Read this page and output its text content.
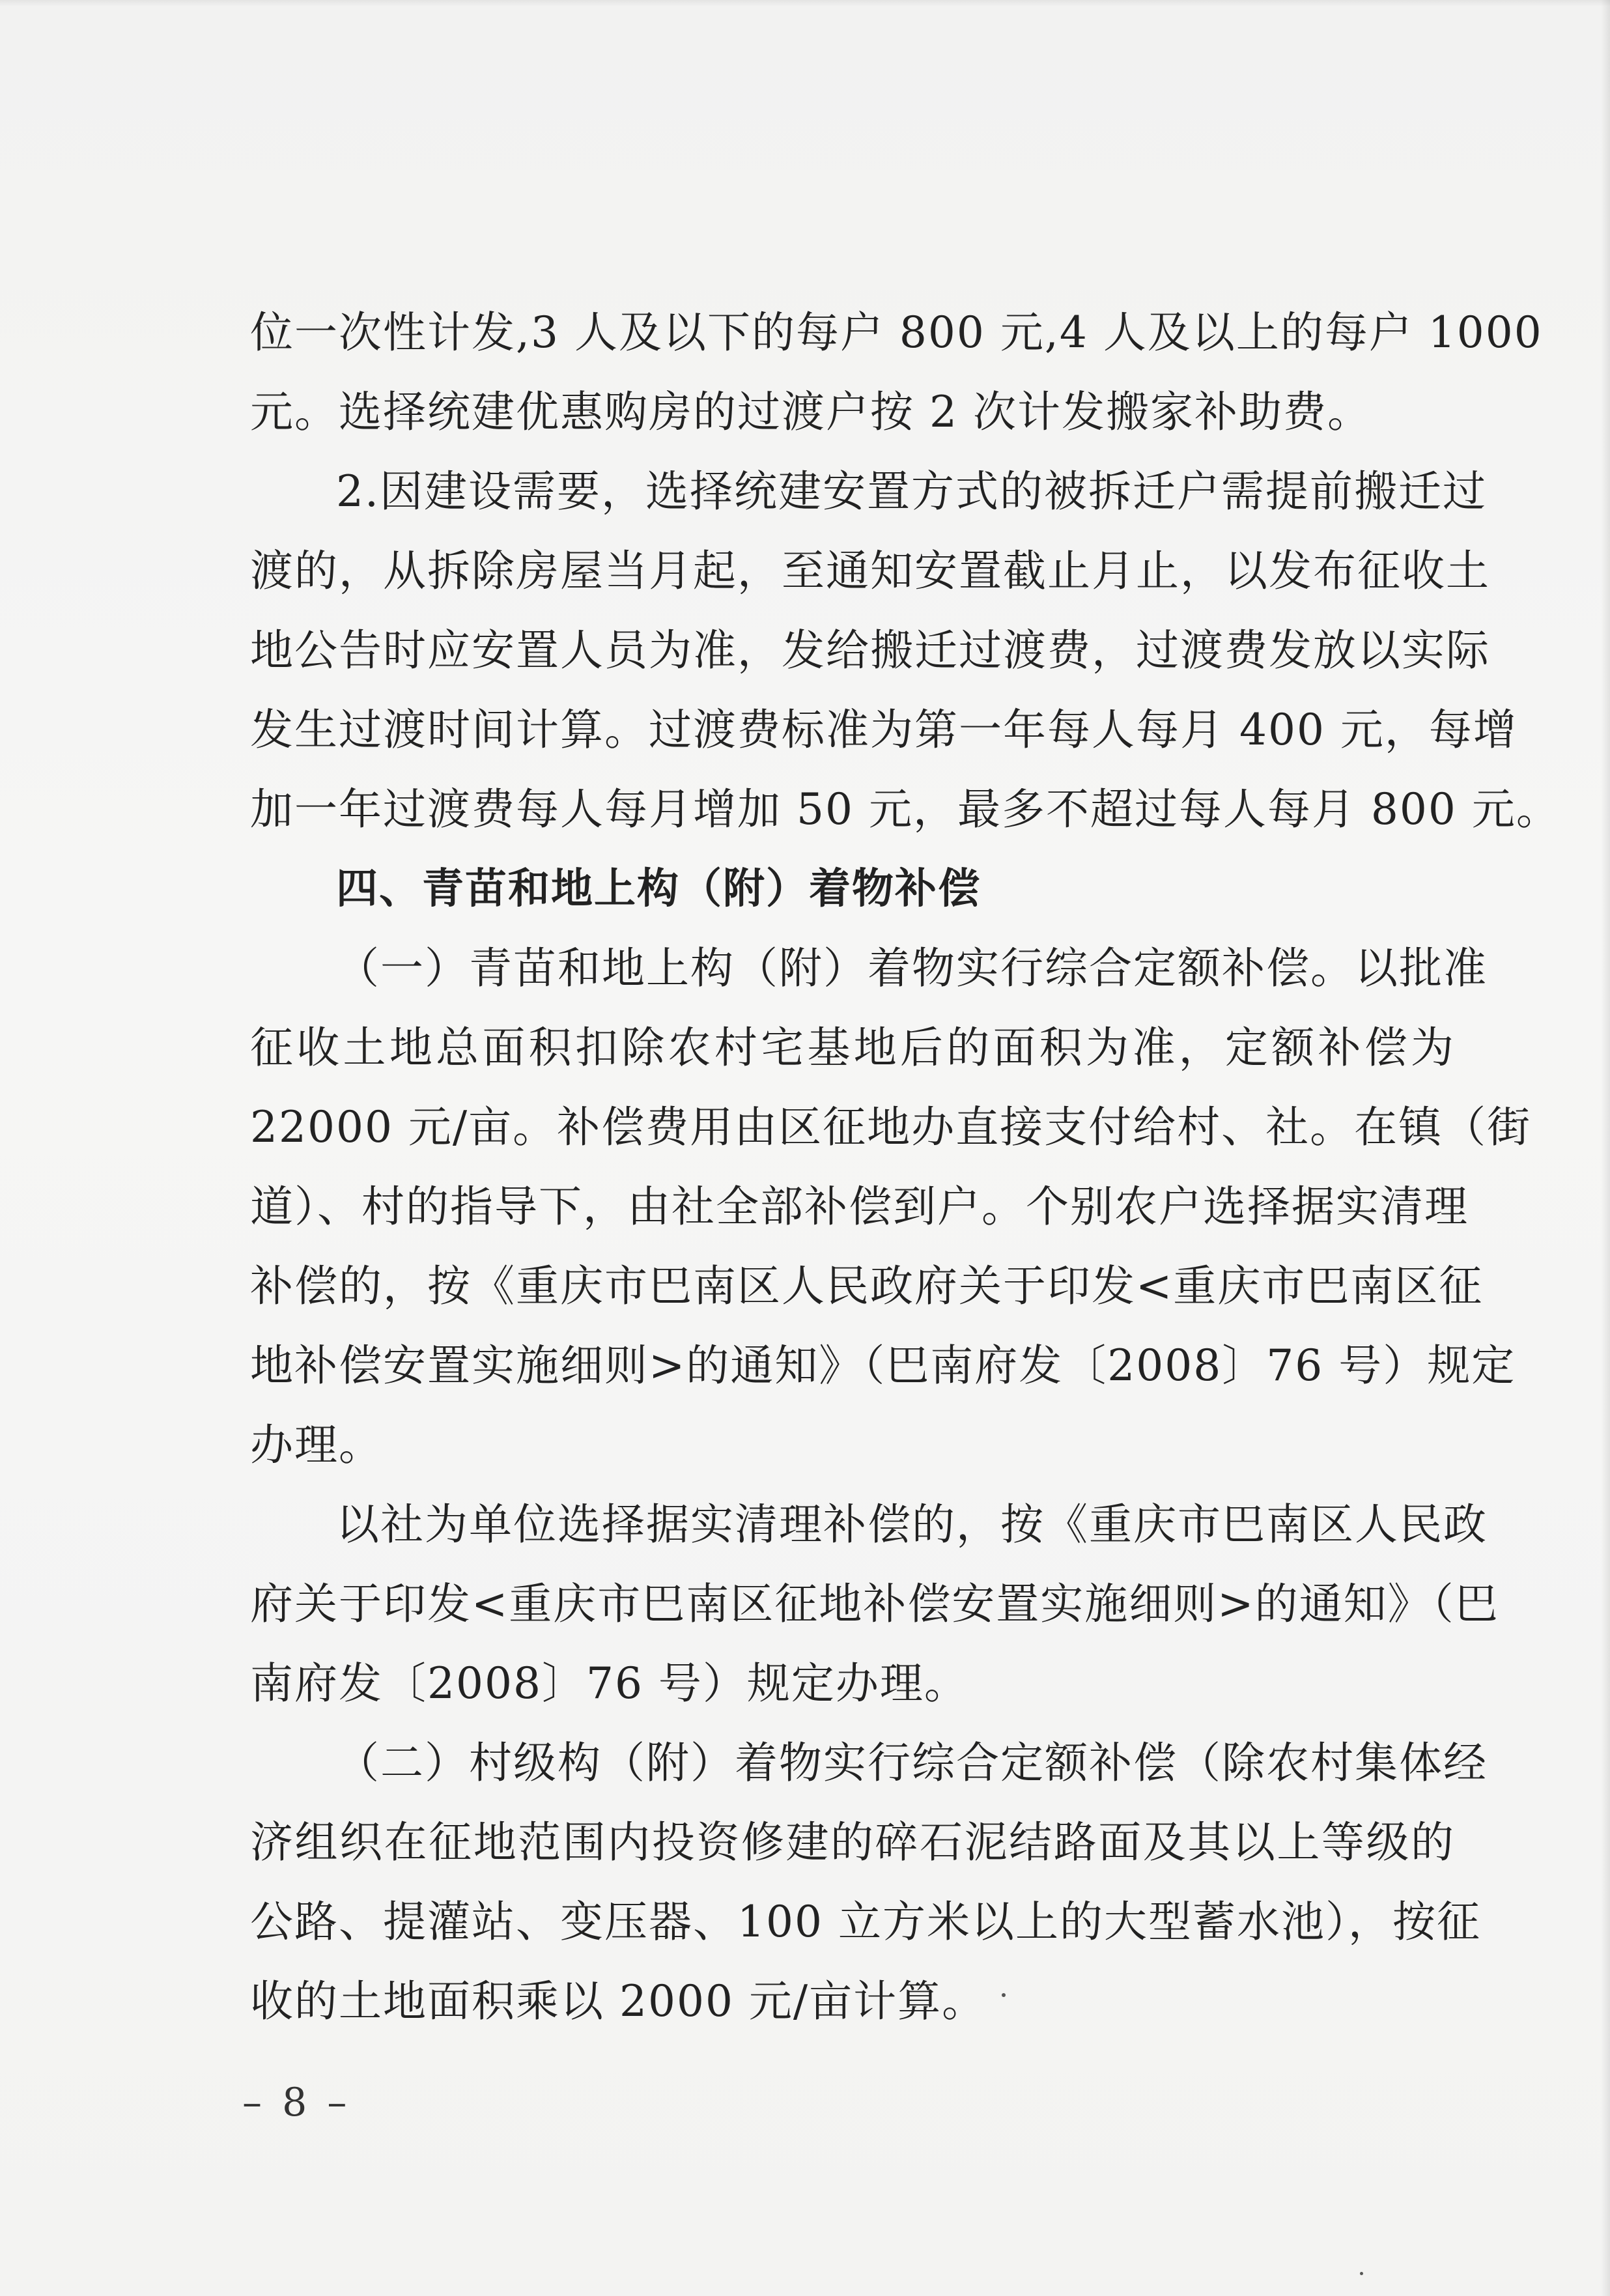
位一次性计发,3 人及以下的每户 800 元,4 人及以上的每户 1000
元。选择统建优惠购房的过渡户按 2 次计发搬家补助费。
2.因建设需要，选择统建安置方式的被拆迁户需提前搬迁过
渡的，从拆除房屋当月起，至通知安置截止月止，以发布征收土
地公告时应安置人员为准，发给搬迁过渡费，过渡费发放以实际
发生过渡时间计算。过渡费标准为第一年每人每月 400 元，每增
加一年过渡费每人每月增加 50 元，最多不超过每人每月 800 元。
四、青苗和地上构（附）着物补偿
（一）青苗和地上构（附）着物实行综合定额补偿。以批准
征收土地总面积扣除农村宅基地后的面积为准，定额补偿为
22000 元/亩。补偿费用由区征地办直接支付给村、社。在镇（街
道）、村的指导下，由社全部补偿到户。个别农户选择据实清理
补偿的，按《重庆市巴南区人民政府关于印发<重庆市巴南区征
地补偿安置实施细则>的通知》（巴南府发〔2008〕76 号）规定
办理。
以社为单位选择据实清理补偿的，按《重庆市巴南区人民政
府关于印发<重庆市巴南区征地补偿安置实施细则>的通知》（巴
南府发〔2008〕76 号）规定办理。
（二）村级构（附）着物实行综合定额补偿（除农村集体经
济组织在征地范围内投资修建的碎石泥结路面及其以上等级的
公路、提灌站、变压器、100 立方米以上的大型蓄水池），按征
收的土地面积乘以 2000 元/亩计算。
– 8 –
